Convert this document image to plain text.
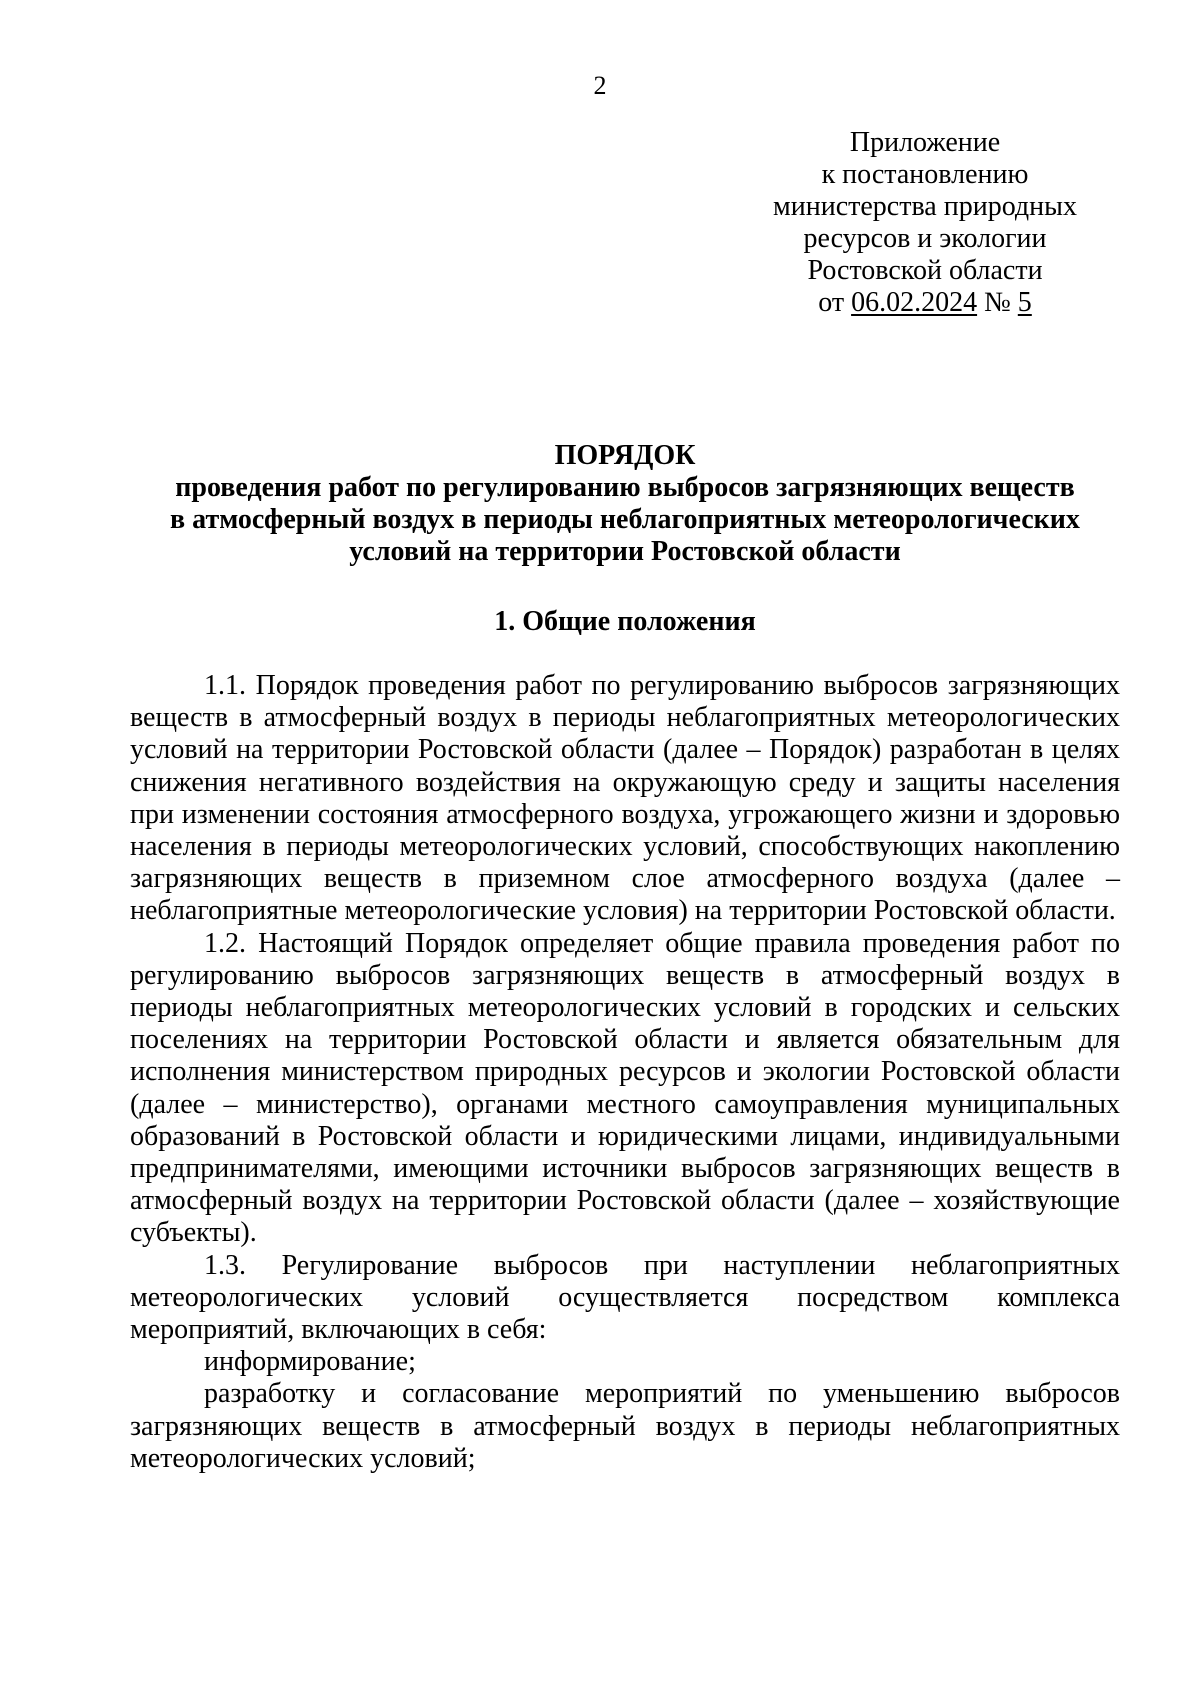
2
Приложение
к постановлению
министерства природных
ресурсов и экологии
Ростовской области
от 06.02.2024 № 5
ПОРЯДОК
проведения работ по регулированию выбросов загрязняющих веществ
в атмосферный воздух в периоды неблагоприятных метеорологических
условий на территории Ростовской области
1. Общие положения

1.1. Порядок проведения работ по регулированию выбросов загрязняющих веществ в атмосферный воздух в периоды неблагоприятных метеорологических условий на территории Ростовской области (далее – Порядок) разработан в целях снижения негативного воздействия на окружающую среду и защиты населения при изменении состояния атмосферного воздуха, угрожающего жизни и здоровью населения в периоды метеорологических условий, способствующих накоплению загрязняющих веществ в приземном слое атмосферного воздуха (далее – неблагоприятные метеорологические условия) на территории Ростовской области.

1.2. Настоящий Порядок определяет общие правила проведения работ по регулированию выбросов загрязняющих веществ в атмосферный воздух в периоды неблагоприятных метеорологических условий в городских и сельских поселениях на территории Ростовской области и является обязательным для исполнения министерством природных ресурсов и экологии Ростовской области (далее – министерство), органами местного самоуправления муниципальных образований в Ростовской области и юридическими лицами, индивидуальными предпринимателями, имеющими источники выбросов загрязняющих веществ в атмосферный воздух на территории Ростовской области (далее – хозяйствующие субъекты).

1.3. Регулирование выбросов при наступлении неблагоприятных метеорологических условий осуществляется посредством комплекса мероприятий, включающих в себя:

информирование;

разработку и согласование мероприятий по уменьшению выбросов загрязняющих веществ в атмосферный воздух в периоды неблагоприятных метеорологических условий;
